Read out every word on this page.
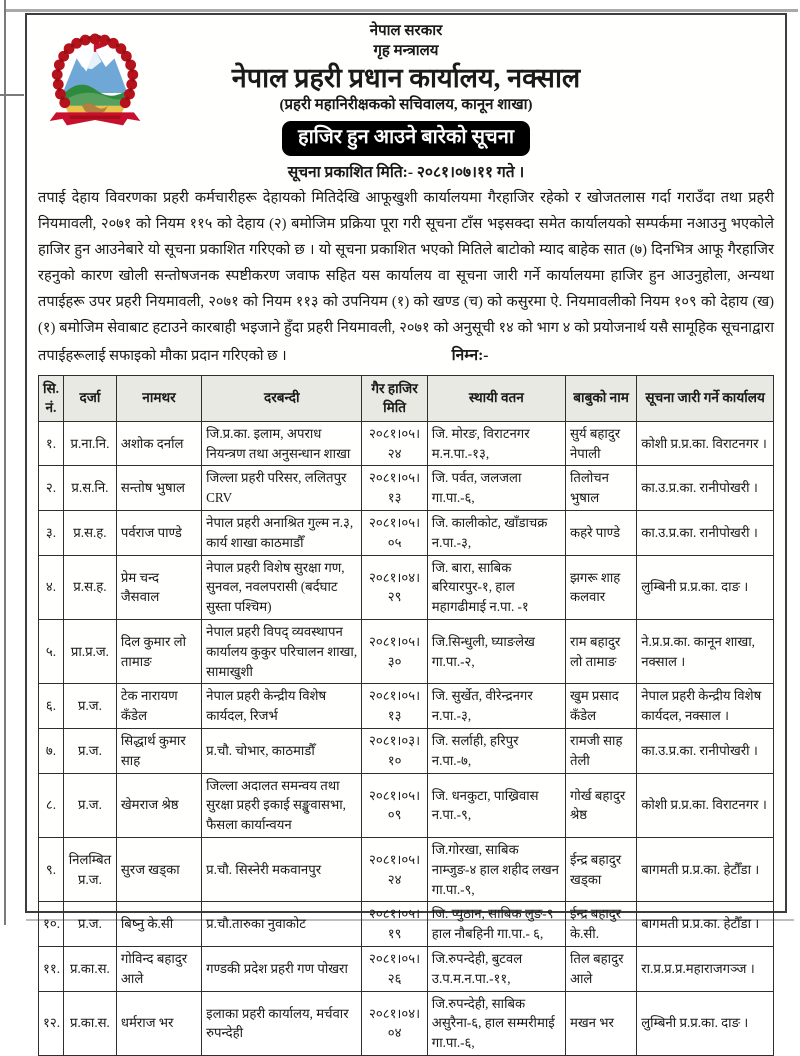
नेपाल सरकार
गृह मन्त्रालय
नेपाल प्रहरी प्रधान कार्यालय, नक्साल
(प्रहरी महानिरीक्षकको सचिवालय, कानून शाखा)
हाजिर हुन आउने बारेको सूचना
सूचना प्रकाशित मिति:- २०८१।०७।११ गते ।
तपाई देहाय विवरणका प्रहरी कर्मचारीहरू देहायको मितिदेखि आफूखुशी कार्यालयमा गैरहाजिर रहेको र खोजतलास गर्दा गराउँदा तथा प्रहरी नियमावली, २०७१ को नियम ११५ को देहाय (२) बमोजिम प्रक्रिया पूरा गरी सूचना टाँस भइसक्दा समेत कार्यालयको सम्पर्कमा नआउनु भएकोले हाजिर हुन आउनेबारे यो सूचना प्रकाशित गरिएको छ । यो सूचना प्रकाशित भएको मितिले बाटोको म्याद बाहेक सात (७) दिनभित्र आफू गैरहाजिर रहनुको कारण खोली सन्तोषजनक स्पष्टीकरण जवाफ सहित यस कार्यालय वा सूचना जारी गर्ने कार्यालयमा हाजिर हुन आउनुहोला, अन्यथा तपाईहरू उपर प्रहरी नियमावली, २०७१ को नियम ११३ को उपनियम (१) को खण्ड (च) को कसुरमा ऐ. नियमावलीको नियम १०९ को देहाय (ख) (१) बमोजिम सेवाबाट हटाउने कारबाही भइजाने हुँदा प्रहरी नियमावली, २०७१ को अनुसूची १४ को भाग ४ को प्रयोजनार्थ यसै सामूहिक सूचनाद्वारा तपाईहरूलाई सफाइको मौका प्रदान गरिएको छ ।	निम्न:-
सि. नं.	दर्जा	नामथर	दरबन्दी	गैर हाजिर मिति	स्थायी वतन	बाबुको नाम	सूचना जारी गर्ने कार्यालय
१.	प्र.ना.नि.	अशोक दर्नाल	जि.प्र.का. इलाम, अपराध नियन्त्रण तथा अनुसन्धान शाखा	२०८१।०५।२४	जि. मोरङ, विराटनगर म.न.पा.-१३,	सुर्य बहादुर नेपाली	कोशी प्र.प्र.का. विराटनगर ।
२.	प्र.स.नि.	सन्तोष भुषाल	जिल्ला प्रहरी परिसर, ललितपुर CRV	२०८१।०५।१३	जि. पर्वत, जलजला गा.पा.-६,	तिलोचन भुषाल	का.उ.प्र.का. रानीपोखरी ।
३.	प्र.स.ह.	पर्वराज पाण्डे	नेपाल प्रहरी अनाश्रित गुल्म न.३, कार्य शाखा काठमाडौँ	२०८१।०५।०५	जि. कालीकोट, खाँडाचक्र न.पा.-३,	कहरे पाण्डे	का.उ.प्र.का. रानीपोखरी ।
४.	प्र.स.ह.	प्रेम चन्द जैसवाल	नेपाल प्रहरी विशेष सुरक्षा गण, सुनवल, नवलपरासी (बर्दघाट सुस्ता पश्चिम)	२०८१।०४।२९	जि. बारा, साबिक बरियारपुर-१, हाल महागढीमाई न.पा. -१	झगरू शाह कलवार	लुम्बिनी प्र.प्र.का. दाङ ।
५.	प्रा.प्र.ज.	दिल कुमार लो तामाङ	नेपाल प्रहरी विपद् व्यवस्थापन कार्यालय कुकुर परिचालन शाखा, सामाखुशी	२०८१।०५।३०	जि.सिन्धुली, घ्याङलेख गा.पा.-२,	राम बहादुर लो तामाङ	ने.प्र.प्र.का. कानून शाखा, नक्साल ।
६.	प्र.ज.	टेक नारायण कँडेल	नेपाल प्रहरी केन्द्रीय विशेष कार्यदल, रिजर्भ	२०८१।०५।१३	जि. सुर्खेत, वीरेन्द्रनगर न.पा.-३,	खुम प्रसाद कँडेल	नेपाल प्रहरी केन्द्रीय विशेष कार्यदल, नक्साल ।
७.	प्र.ज.	सिद्धार्थ कुमार साह	प्र.चौ. चोभार, काठमाडौँ	२०८१।०३।१०	जि. सर्लाही, हरिपुर न.पा.-७,	रामजी साह तेली	का.उ.प्र.का. रानीपोखरी ।
८.	प्र.ज.	खेमराज श्रेष्ठ	जिल्ला अदालत समन्वय तथा सुरक्षा प्रहरी इकाई सङ्खुवासभा, फैसला कार्यान्वयन	२०८१।०५।०९	जि. धनकुटा, पाख्रिवास न.पा.-९,	गोर्ख बहादुर श्रेष्ठ	कोशी प्र.प्र.का. विराटनगर ।
९.	निलम्बित प्र.ज.	सुरज खड्का	प्र.चौ. सिस्नेरी मकवानपुर	२०८१।०५।२४	जि.गोरखा, साबिक नाम्जुङ-४ हाल शहीद लखन गा.पा.-९,	ईन्द्र बहादुर खड्का	बागमती प्र.प्र.का. हेटौँडा ।
१०.	प्र.ज.	बिष्नु के.सी	प्र.चौ.तारुका नुवाकोट	२०८१।०५।१९	जि. प्युठान, साबिक लुङ-९ हाल नौबहिनी गा.पा.- ६,	ईन्द्र बहादुर के.सी.	बागमती प्र.प्र.का. हेटौँडा ।
११.	प्र.का.स.	गोविन्द बहादुर आले	गण्डकी प्रदेश प्रहरी गण पोखरा	२०८१।०५।२६	जि.रुपन्देही, बुटवल उ.प.म.न.पा.-११,	तिल बहादुर आले	रा.प्र.प्र.प्र.महाराजगञ्ज ।
१२.	प्र.का.स.	धर्मराज भर	इलाका प्रहरी कार्यालय, मर्चवार रुपन्देही	२०८१।०४।०४	जि.रुपन्देही, साबिक असुरैना-६, हाल सम्मरीमाई गा.पा.-६,	मखन भर	लुम्बिनी प्र.प्र.का. दाङ ।
